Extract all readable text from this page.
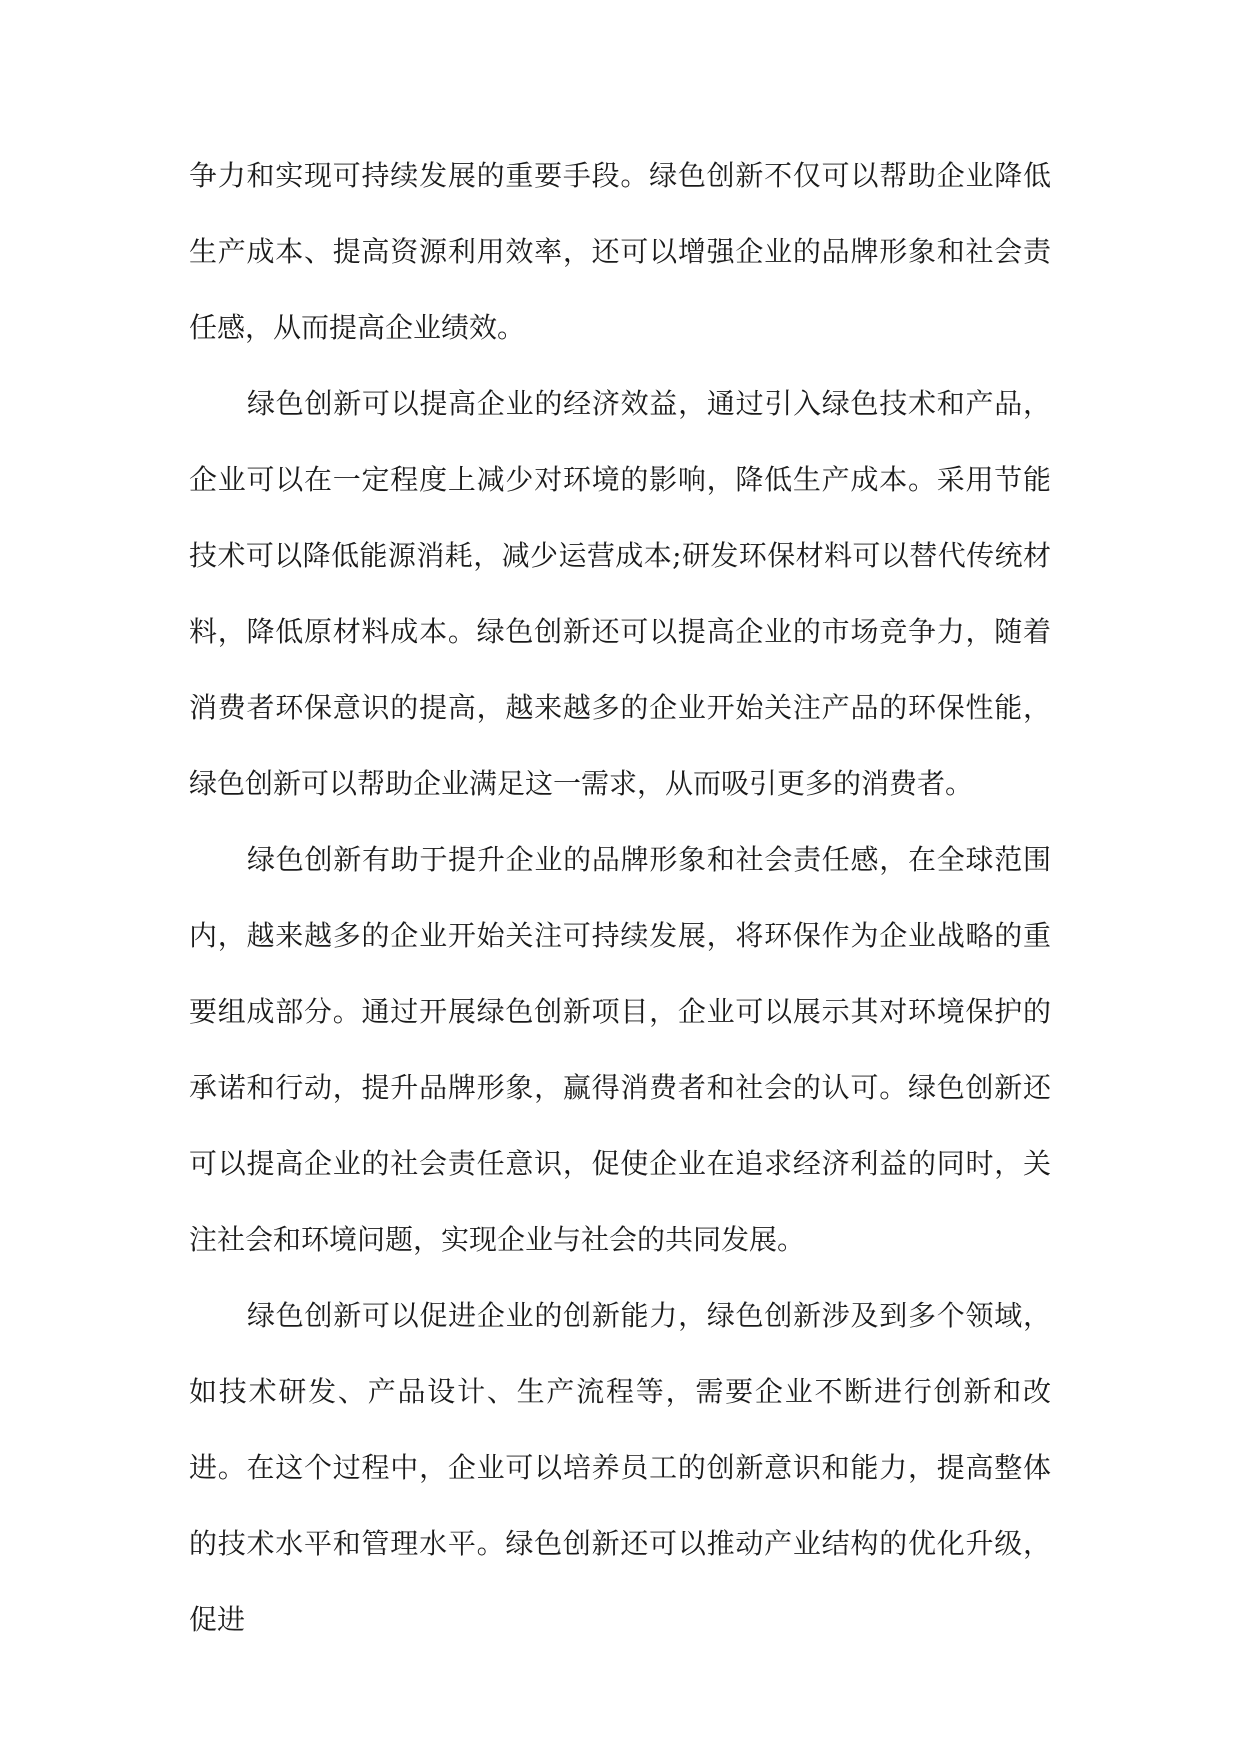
争力和实现可持续发展的重要手段。绿色创新不仅可以帮助企业降低生产成本、提高资源利用效率，还可以增强企业的品牌形象和社会责任感，从而提高企业绩效。

绿色创新可以提高企业的经济效益，通过引入绿色技术和产品，企业可以在一定程度上减少对环境的影响，降低生产成本。采用节能技术可以降低能源消耗，减少运营成本;研发环保材料可以替代传统材料，降低原材料成本。绿色创新还可以提高企业的市场竞争力，随着消费者环保意识的提高，越来越多的企业开始关注产品的环保性能，绿色创新可以帮助企业满足这一需求，从而吸引更多的消费者。

绿色创新有助于提升企业的品牌形象和社会责任感，在全球范围内，越来越多的企业开始关注可持续发展，将环保作为企业战略的重要组成部分。通过开展绿色创新项目，企业可以展示其对环境保护的承诺和行动，提升品牌形象，赢得消费者和社会的认可。绿色创新还可以提高企业的社会责任意识，促使企业在追求经济利益的同时，关注社会和环境问题，实现企业与社会的共同发展。

绿色创新可以促进企业的创新能力，绿色创新涉及到多个领域，如技术研发、产品设计、生产流程等，需要企业不断进行创新和改进。在这个过程中，企业可以培养员工的创新意识和能力，提高整体的技术水平和管理水平。绿色创新还可以推动产业结构的优化升级，促进
